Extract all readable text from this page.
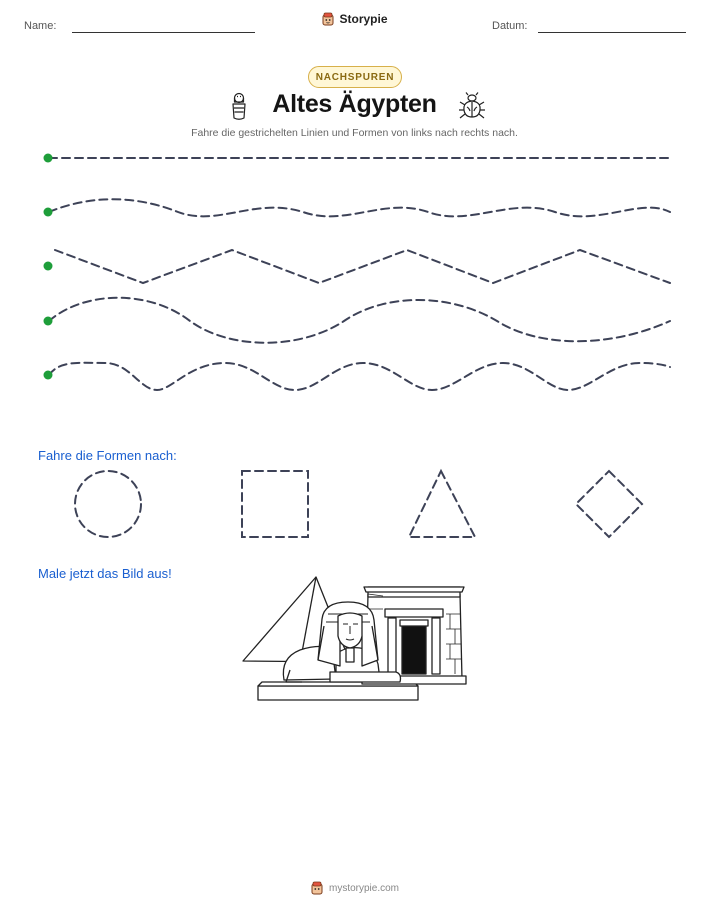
Name:	Storypie	Datum:
NACHSPUREN
Altes Ägypten
Fahre die gestrichelten Linien und Formen von links nach rechts nach.
Fahre die Formen nach:
Male jetzt das Bild aus!
mystorypie.com
